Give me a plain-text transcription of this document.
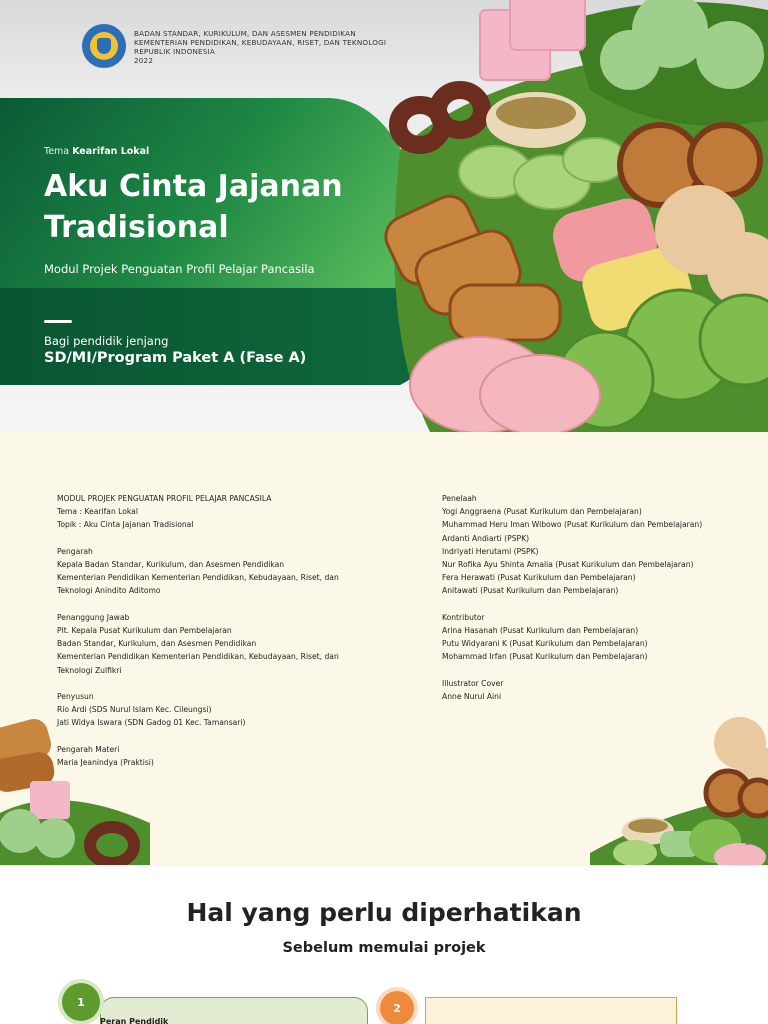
BADAN STANDAR, KURIKULUM, DAN ASESMEN PENDIDIKAN
KEMENTERIAN PENDIDIKAN, KEBUDAYAAN, RISET, DAN TEKNOLOGI
REPUBLIK INDONESIA
2022
Tema Kearifan Lokal
Aku Cinta Jajanan
Tradisional
Modul Projek Penguatan Profil Pelajar Pancasila
Bagi pendidik jenjang
SD/MI/Program Paket A (Fase A)
1
MODUL PROJEK PENGUATAN PROFIL PELAJAR PANCASILA
Tema : Kearifan Lokal
Topik : Aku Cinta Jajanan Tradisional
Pengarah
Kepala Badan Standar, Kurikulum, dan Asesmen Pendidikan
Kementerian Pendidikan Kementerian Pendidikan, Kebudayaan, Riset, dan
Teknologi Anindito Aditomo
Penanggung Jawab
Plt. Kepala Pusat Kurikulum dan Pembelajaran
Badan Standar, Kurikulum, dan Asesmen Pendidikan
Kementerian Pendidikan Kementerian Pendidikan, Kebudayaan, Riset, dan
Teknologi Zulfikri
Penyusun
Rio Ardi (SDS Nurul Islam Kec. Cileungsi)
Jati Widya Iswara (SDN Gadog 01 Kec. Tamansari)
Pengarah Materi
Maria Jeanindya (Praktisi)
Penelaah
Yogi Anggraena (Pusat Kurikulum dan Pembelajaran)
Muhammad Heru Iman Wibowo (Pusat Kurikulum dan Pembelajaran)
Ardanti Andiarti (PSPK)
Indriyati Herutami (PSPK)
Nur Rofika Ayu Shinta Amalia (Pusat Kurikulum dan Pembelajaran)
Fera Herawati (Pusat Kurikulum dan Pembelajaran)
Anitawati (Pusat Kurikulum dan Pembelajaran)
Kontributor
Arina Hasanah (Pusat Kurikulum dan Pembelajaran)
Putu Widyarani K (Pusat Kurikulum dan Pembelajaran)
Mohammad Irfan (Pusat Kurikulum dan Pembelajaran)
Illustrator Cover
Anne Nurul Aini
2
Hal yang perlu diperhatikan
Sebelum memulai projek
Peran Pendidik
1	2
